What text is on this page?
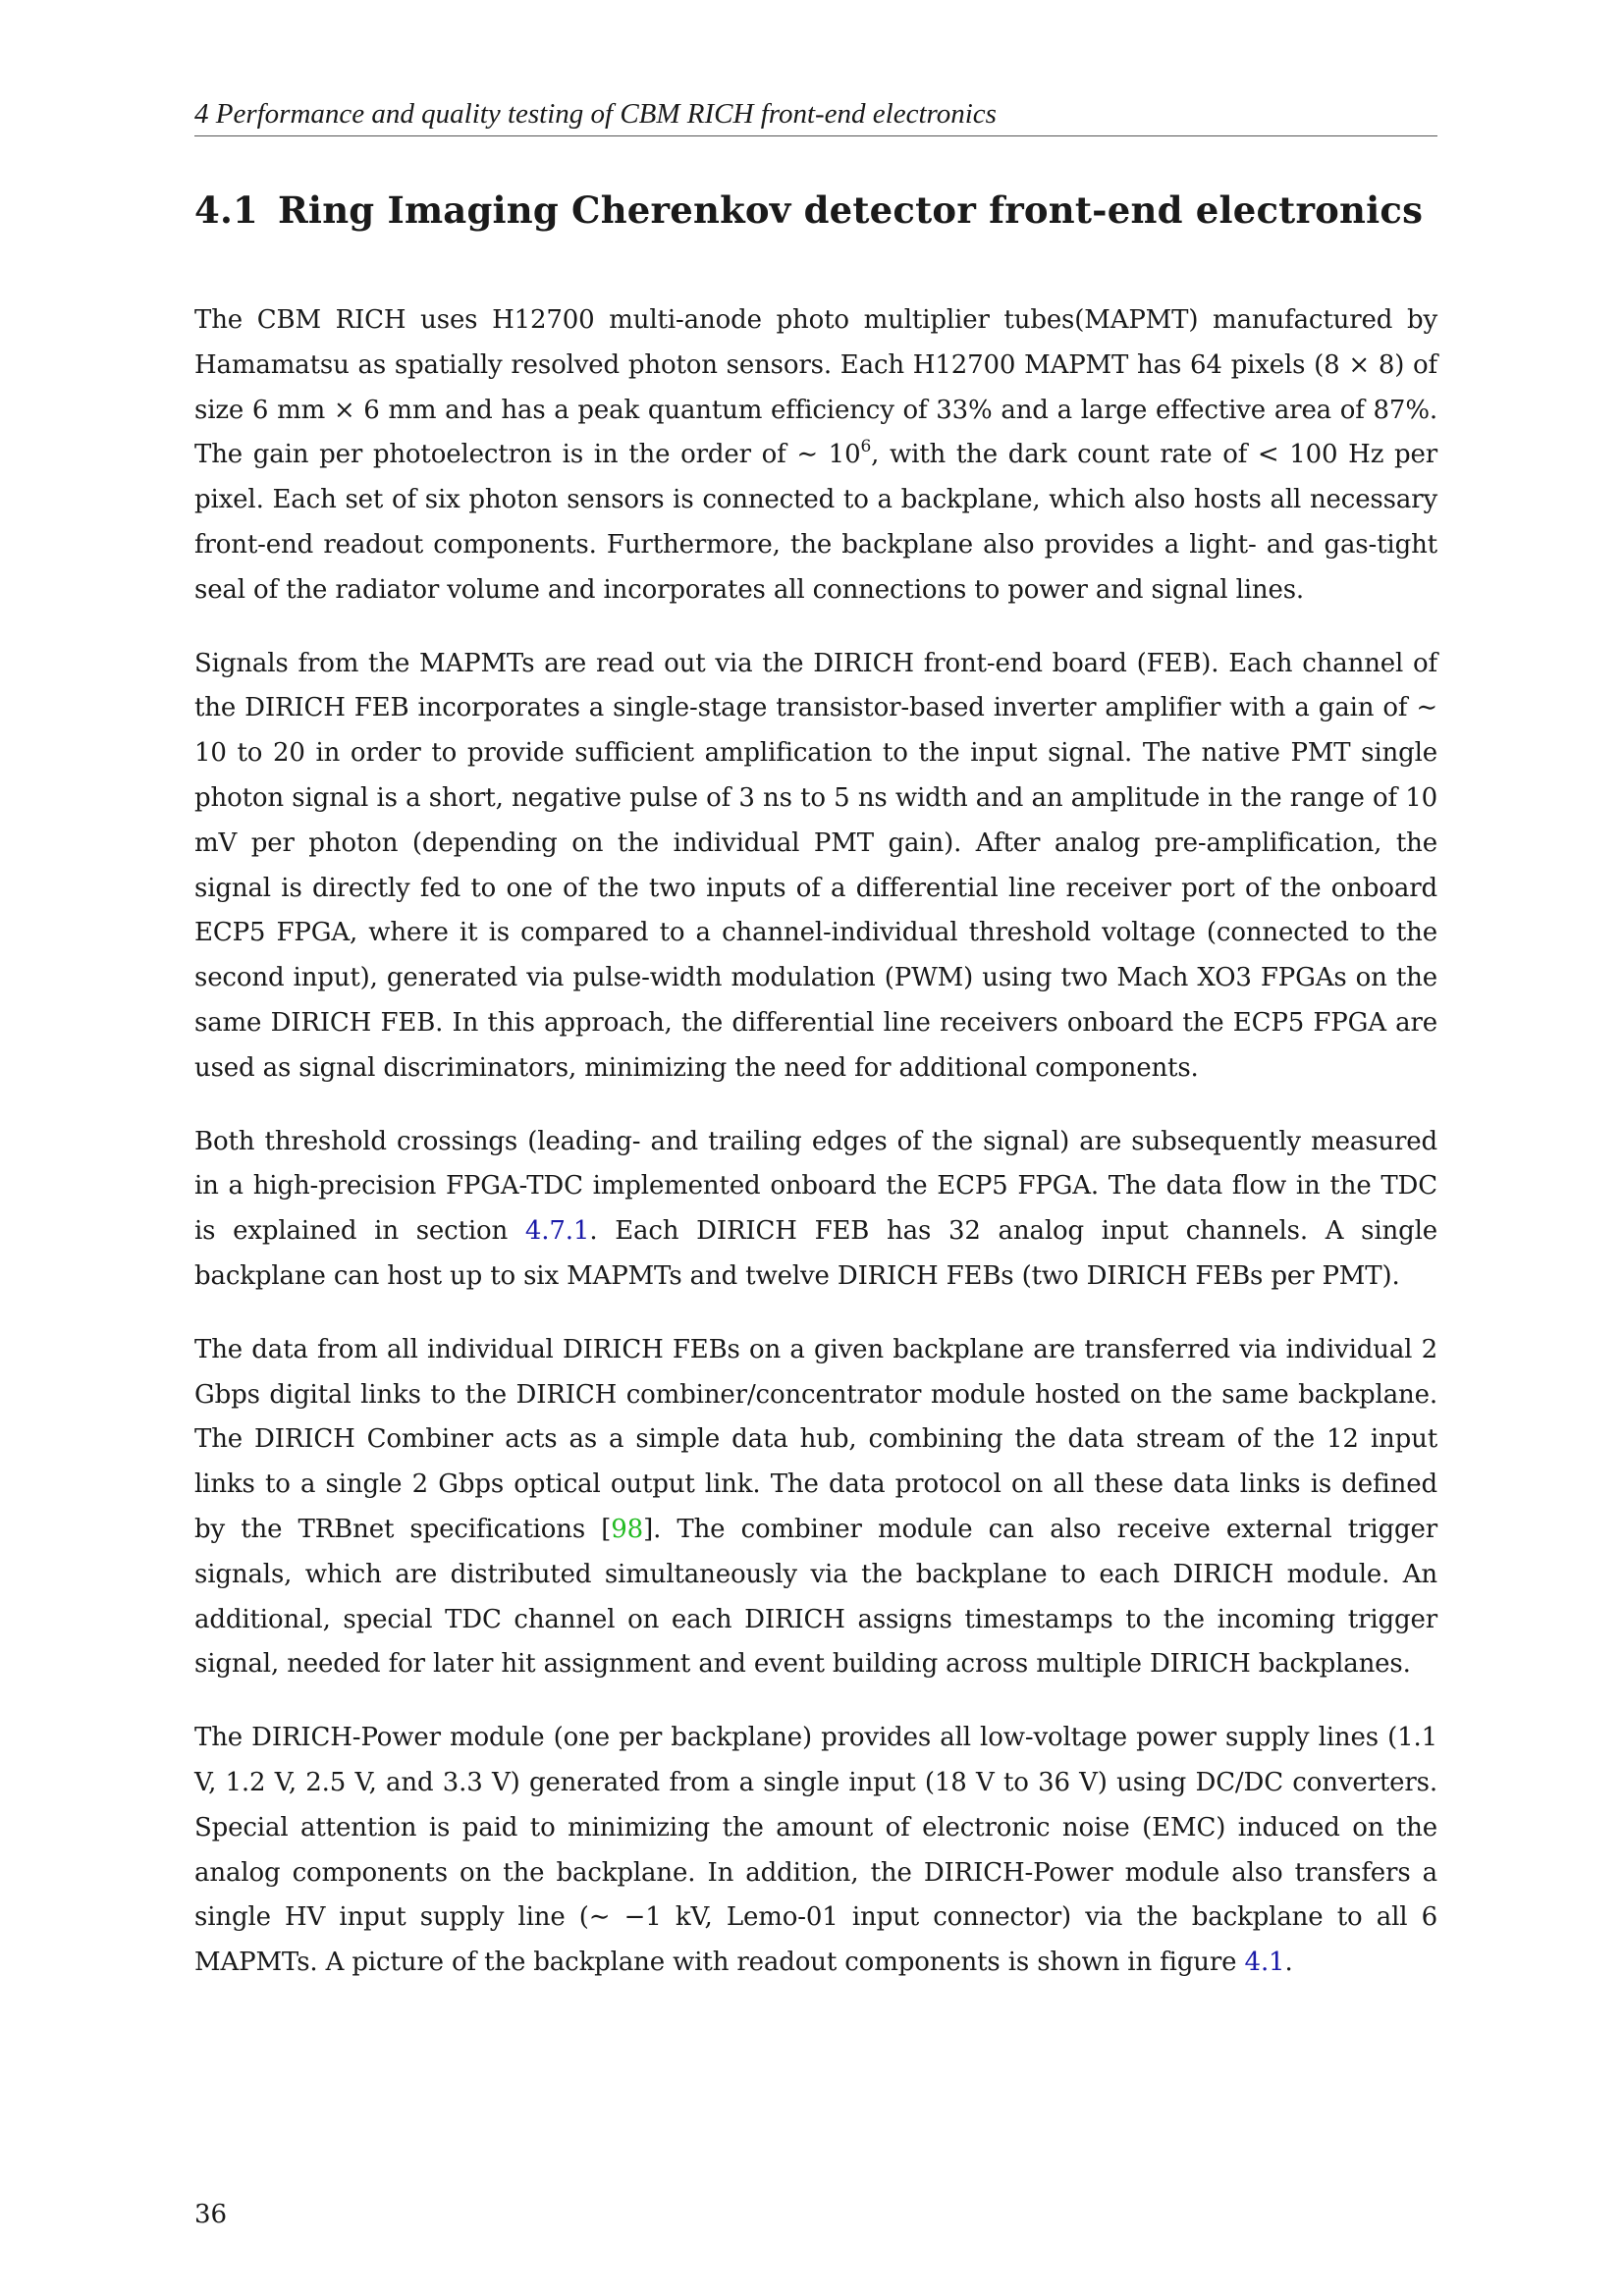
4 Performance and quality testing of CBM RICH front-end electronics
4.1 Ring Imaging Cherenkov detector front-end electronics

The CBM RICH uses H12700 multi-anode photo multiplier tubes(MAPMT) manufactured by Hamamatsu as spatially resolved photon sensors. Each H12700 MAPMT has 64 pixels (8 × 8) of size 6 mm × 6 mm and has a peak quantum efficiency of 33% and a large effective area of 87%. The gain per photoelectron is in the order of ∼ $10^6$, with the dark count rate of < 100 Hz per pixel. Each set of six photon sensors is connected to a backplane, which also hosts all necessary front-end readout components. Furthermore, the backplane also provides a light- and gas-tight seal of the radiator volume and incorporates all connections to power and signal lines.

Signals from the MAPMTs are read out via the DIRICH front-end board (FEB). Each channel of the DIRICH FEB incorporates a single-stage transistor-based inverter amplifier with a gain of ∼ 10 to 20 in order to provide sufficient amplification to the input signal. The native PMT single photon signal is a short, negative pulse of 3 ns to 5 ns width and an amplitude in the range of 10 mV per photon (depending on the individual PMT gain). After analog pre-amplification, the signal is directly fed to one of the two inputs of a differential line receiver port of the onboard ECP5 FPGA, where it is compared to a channel-individual threshold voltage (connected to the second input), generated via pulse-width modulation (PWM) using two Mach XO3 FPGAs on the same DIRICH FEB. In this approach, the differential line receivers onboard the ECP5 FPGA are used as signal discriminators, minimizing the need for additional components.

Both threshold crossings (leading- and trailing edges of the signal) are subsequently measured in a high-precision FPGA-TDC implemented onboard the ECP5 FPGA. The data flow in the TDC is explained in section 4.7.1. Each DIRICH FEB has 32 analog input channels. A single backplane can host up to six MAPMTs and twelve DIRICH FEBs (two DIRICH FEBs per PMT).

The data from all individual DIRICH FEBs on a given backplane are transferred via individual 2 Gbps digital links to the DIRICH combiner/concentrator module hosted on the same backplane. The DIRICH Combiner acts as a simple data hub, combining the data stream of the 12 input links to a single 2 Gbps optical output link. The data protocol on all these data links is defined by the TRBnet specifications [98]. The combiner module can also receive external trigger signals, which are distributed simultaneously via the backplane to each DIRICH module. An additional, special TDC channel on each DIRICH assigns timestamps to the incoming trigger signal, needed for later hit assignment and event building across multiple DIRICH backplanes.

The DIRICH-Power module (one per backplane) provides all low-voltage power supply lines (1.1 V, 1.2 V, 2.5 V, and 3.3 V) generated from a single input (18 V to 36 V) using DC/DC converters. Special attention is paid to minimizing the amount of electronic noise (EMC) induced on the analog components on the backplane. In addition, the DIRICH-Power module also transfers a single HV input supply line (∼ −1 kV, Lemo-01 input connector) via the backplane to all 6 MAPMTs. A picture of the backplane with readout components is shown in figure 4.1.

36
